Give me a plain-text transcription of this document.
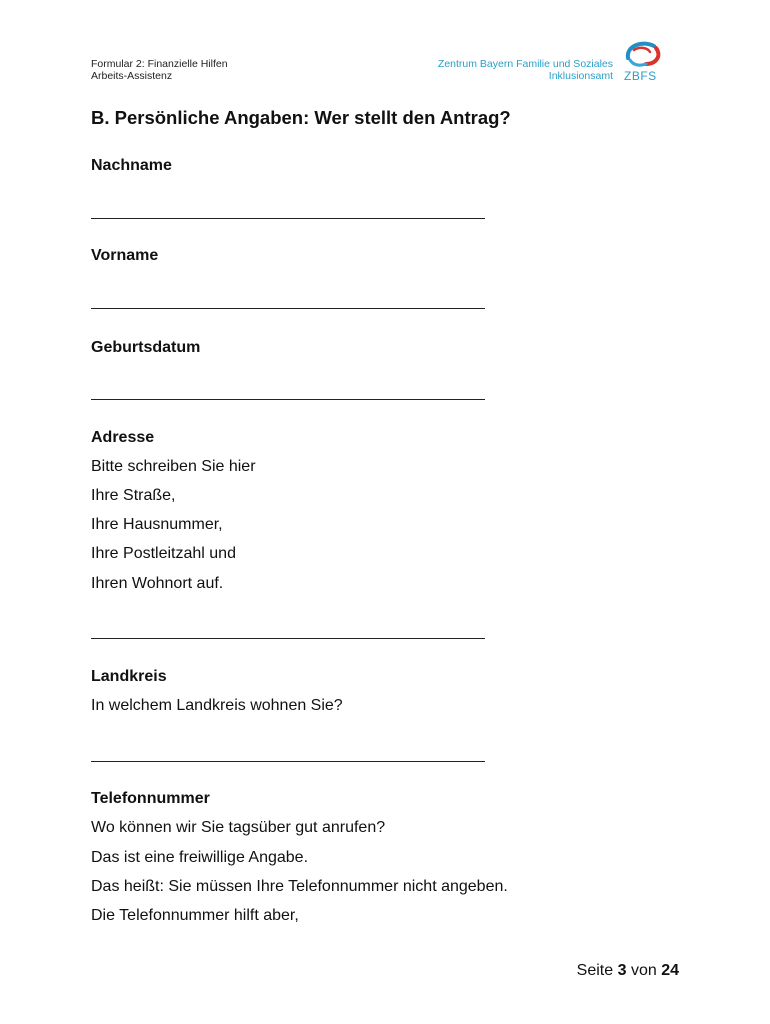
Formular 2: Finanzielle Hilfen
Arbeits-Assistenz
Zentrum Bayern Familie und Soziales
Inklusionsamt ZBFS
B. Persönliche Angaben: Wer stellt den Antrag?

Nachname

Vorname

Geburtsdatum

Adresse

Bitte schreiben Sie hier

Ihre Straße,

Ihre Hausnummer,

Ihre Postleitzahl und

Ihren Wohnort auf.

Landkreis

In welchem Landkreis wohnen Sie?

Telefonnummer

Wo können wir Sie tagsüber gut anrufen?

Das ist eine freiwillige Angabe.

Das heißt: Sie müssen Ihre Telefonnummer nicht angeben.

Die Telefonnummer hilft aber,

Seite 3 von 24
